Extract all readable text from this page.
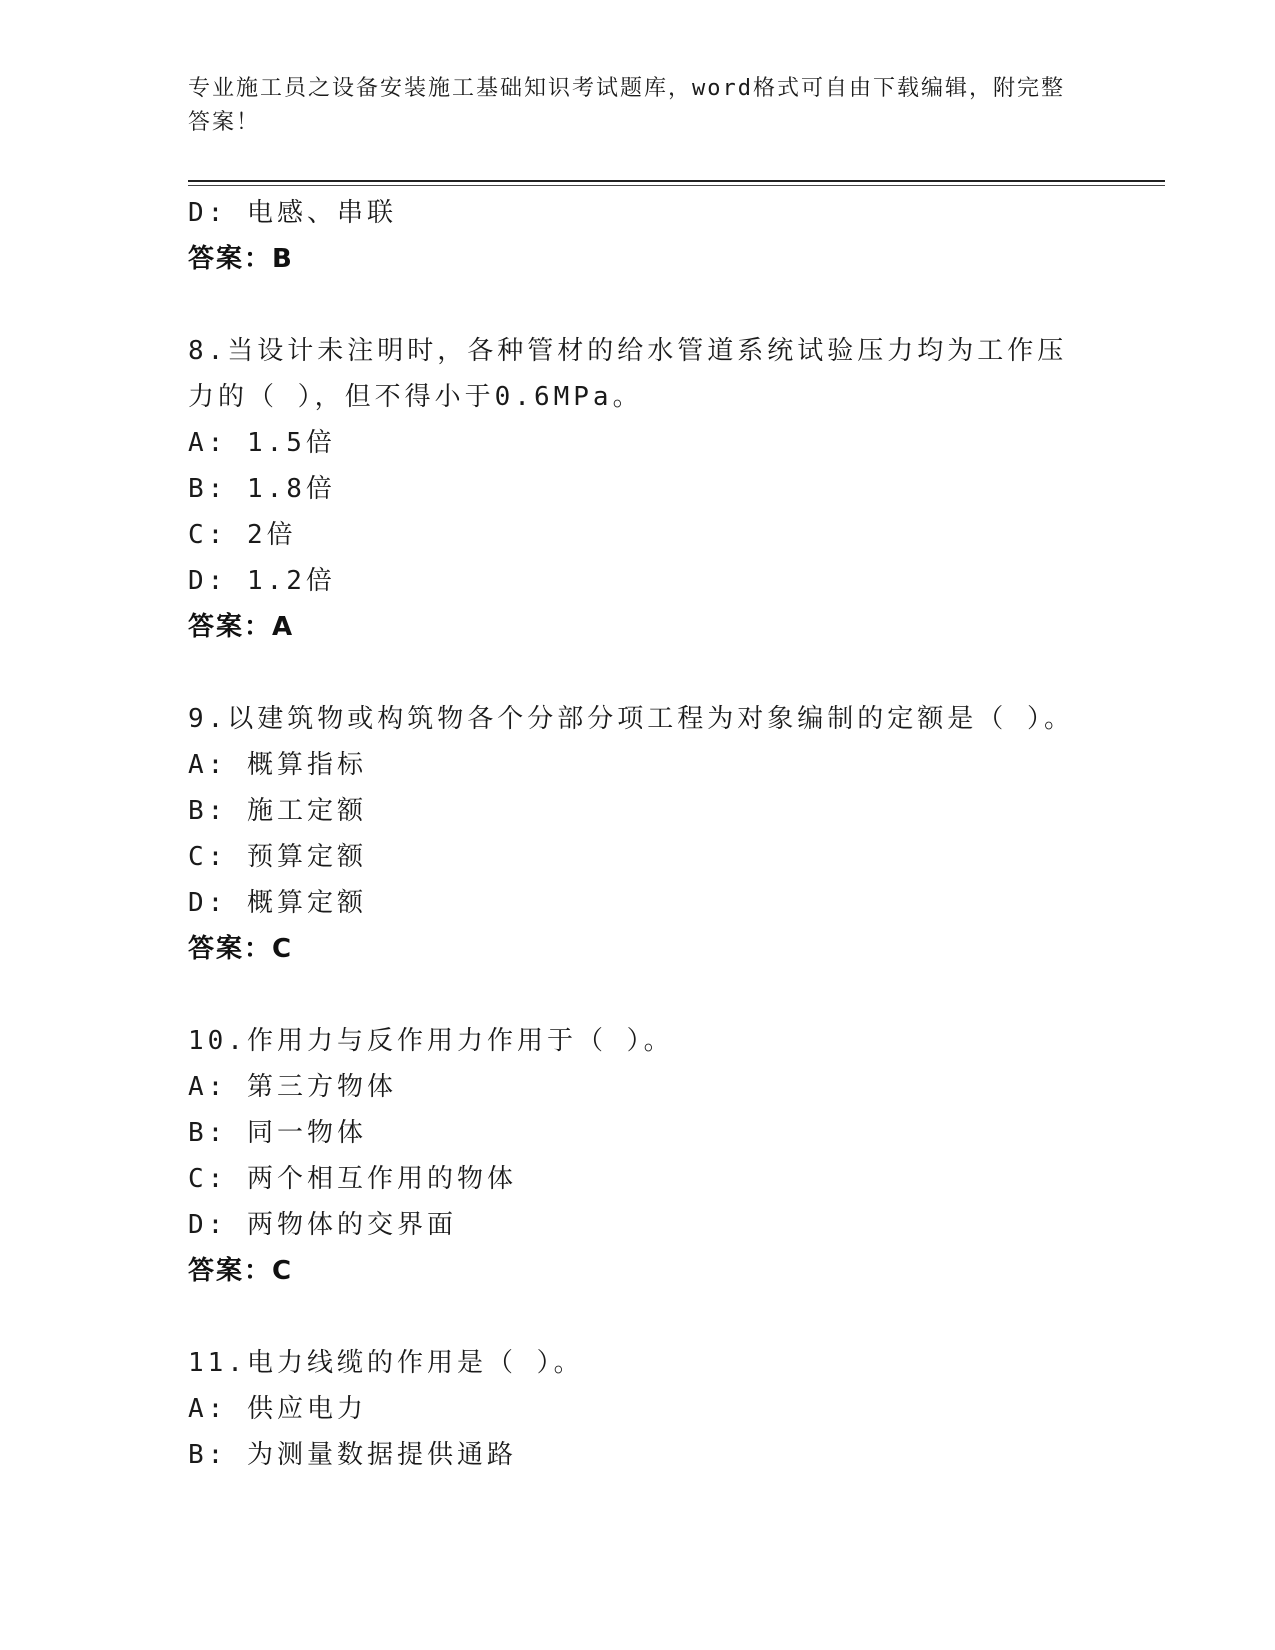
专业施工员之设备安装施工基础知识考试题库，word格式可自由下载编辑，附完整答案！
D: 电感、串联
答案：B
8.当设计未注明时，各种管材的给水管道系统试验压力均为工作压力的（ ），但不得小于0.6MPa。
A: 1.5倍
B: 1.8倍
C: 2倍
D: 1.2倍
答案：A
9.以建筑物或构筑物各个分部分项工程为对象编制的定额是（ ）。
A: 概算指标
B: 施工定额
C: 预算定额
D: 概算定额
答案：C
10.作用力与反作用力作用于（ ）。
A: 第三方物体
B: 同一物体
C: 两个相互作用的物体
D: 两物体的交界面
答案：C
11.电力线缆的作用是（ ）。
A: 供应电力
B: 为测量数据提供通路
